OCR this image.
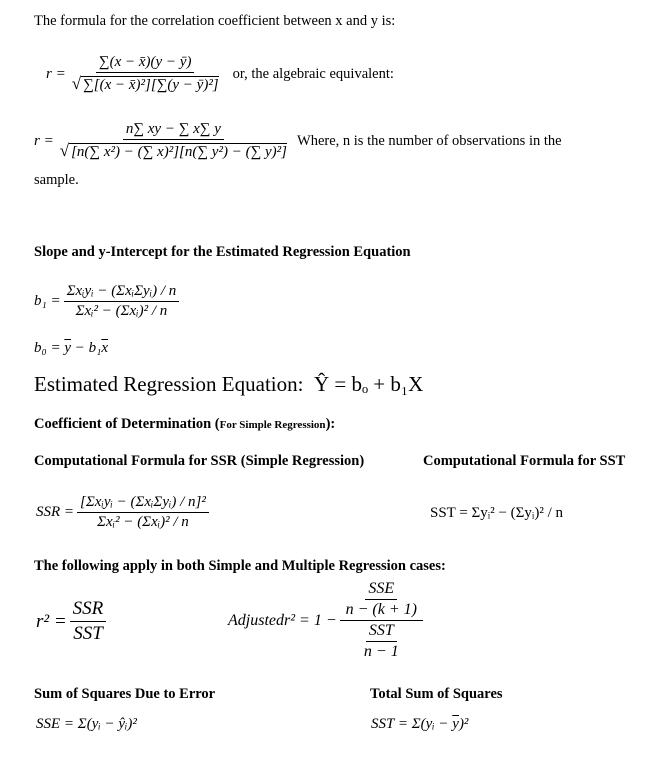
The formula for the correlation coefficient between x and y is:
$r = \frac{\sum(x - x̄)(y - ȳ)}{\text{√ ∑[(x − x̄)²][∑(y − ȳ)²]}}$ or, the algebraic equivalent:
$r = \frac{n\sum xy - \sum x\sum y}{\text{√ [n(∑ x²) − (∑ x)²][n(∑ y²) − (∑ y)²]}}$ Where, n is the number of observations in the
sample.
Slope and y-Intercept for the Estimated Regression Equation
$b_1 = \frac{\text{Σxᵢyᵢ − (ΣxᵢΣyᵢ) / n}}{\text{Σxᵢ² − (Σxᵢ)² / n}}$
$b_0 = \overline{y} - b_1\overline{x}$
Estimated Regression Equation: Ŷ = bₒ + b₁X
Coefficient of Determination (For Simple Regression):
Computational Formula for SSR (Simple Regression)	Computational Formula for SST
SSR = $\frac{\text{[Σxᵢyᵢ − (ΣxᵢΣyᵢ) / n]²}}{\text{Σxᵢ² − (Σxᵢ)² / n}}$	SST = Σyᵢ² − (Σyᵢ)² / n
The following apply in both Simple and Multiple Regression cases:
$r^2 = \frac{\text{SSR}}{\text{SST}}$	Adjustedr² = $1 - \frac{\frac{\text{SSE}}{n - (k + 1)}}{\frac{\text{SST}}{n - 1}}$
Sum of Squares Due to Error	Total Sum of Squares
SSE = Σ(yᵢ − ŷᵢ)²	SST = Σ(yᵢ − $\overline{y})^2$
